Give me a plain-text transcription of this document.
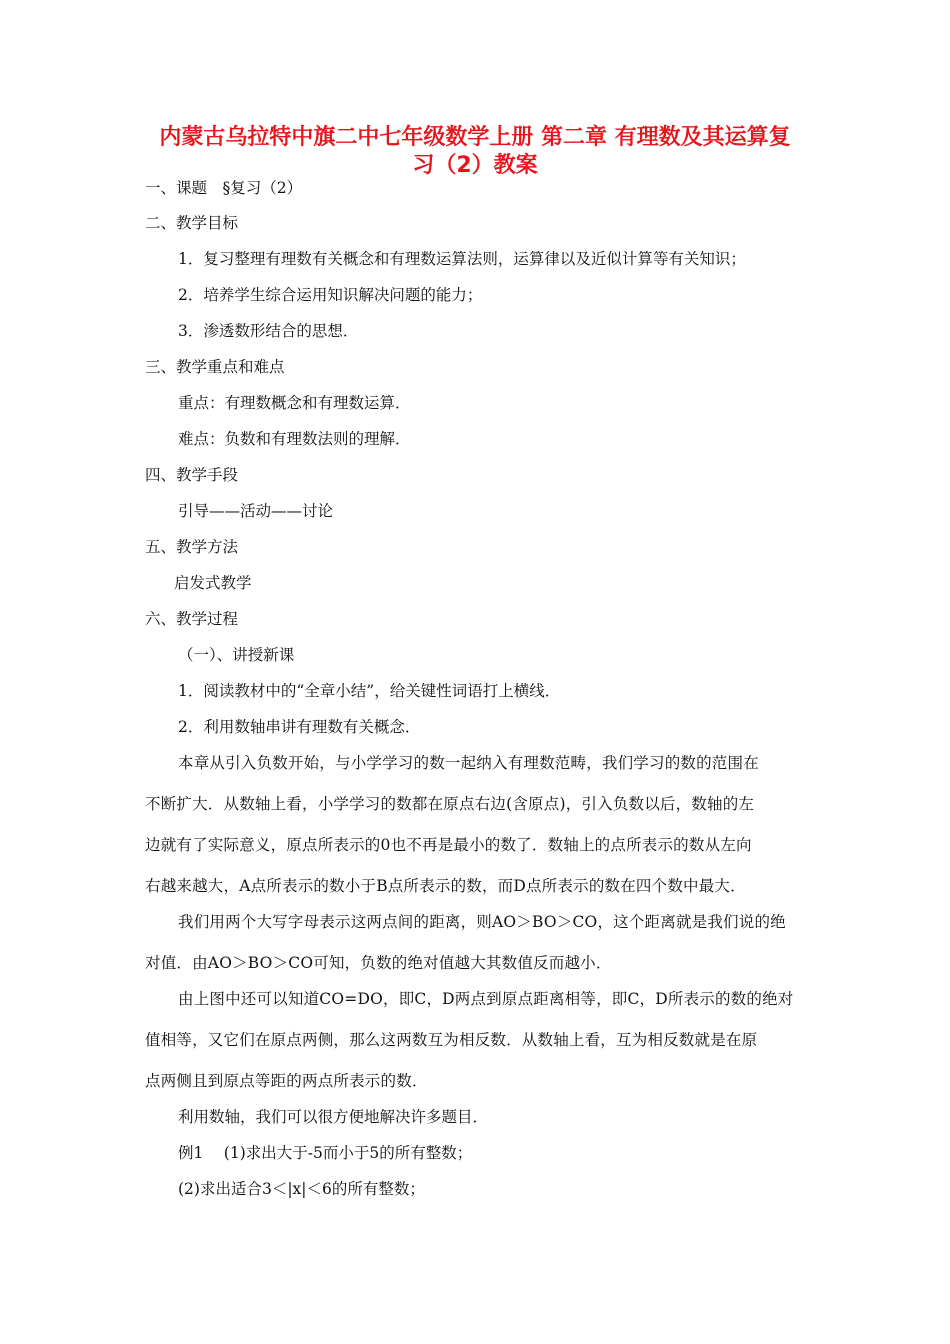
内蒙古乌拉特中旗二中七年级数学上册 第二章 有理数及其运算复
习（2）教案
一、课题　§复习（2）
二、教学目标
1．复习整理有理数有关概念和有理数运算法则，运算律以及近似计算等有关知识；
2．培养学生综合运用知识解决问题的能力；
3．渗透数形结合的思想．
三、教学重点和难点
重点：有理数概念和有理数运算．
难点：负数和有理数法则的理解．
四、教学手段
引导——活动——讨论
五、教学方法
启发式教学
六、教学过程
（一）、讲授新课
1．阅读教材中的“全章小结”，给关键性词语打上横线．
2．利用数轴串讲有理数有关概念．
本章从引入负数开始，与小学学习的数一起纳入有理数范畴，我们学习的数的范围在
不断扩大．从数轴上看，小学学习的数都在原点右边(含原点)，引入负数以后，数轴的左
边就有了实际意义，原点所表示的0也不再是最小的数了．数轴上的点所表示的数从左向
右越来越大，A点所表示的数小于B点所表示的数，而D点所表示的数在四个数中最大．
我们用两个大写字母表示这两点间的距离，则AO＞BO＞CO，这个距离就是我们说的绝
对值．由AO＞BO＞CO可知，负数的绝对值越大其数值反而越小．
由上图中还可以知道CO=DO，即C，D两点到原点距离相等，即C，D所表示的数的绝对
值相等，又它们在原点两侧，那么这两数互为相反数．从数轴上看，互为相反数就是在原
点两侧且到原点等距的两点所表示的数．
利用数轴，我们可以很方便地解决许多题目．
例1　 (1)求出大于-5而小于5的所有整数；
(2)求出适合3＜|x|＜6的所有整数；
